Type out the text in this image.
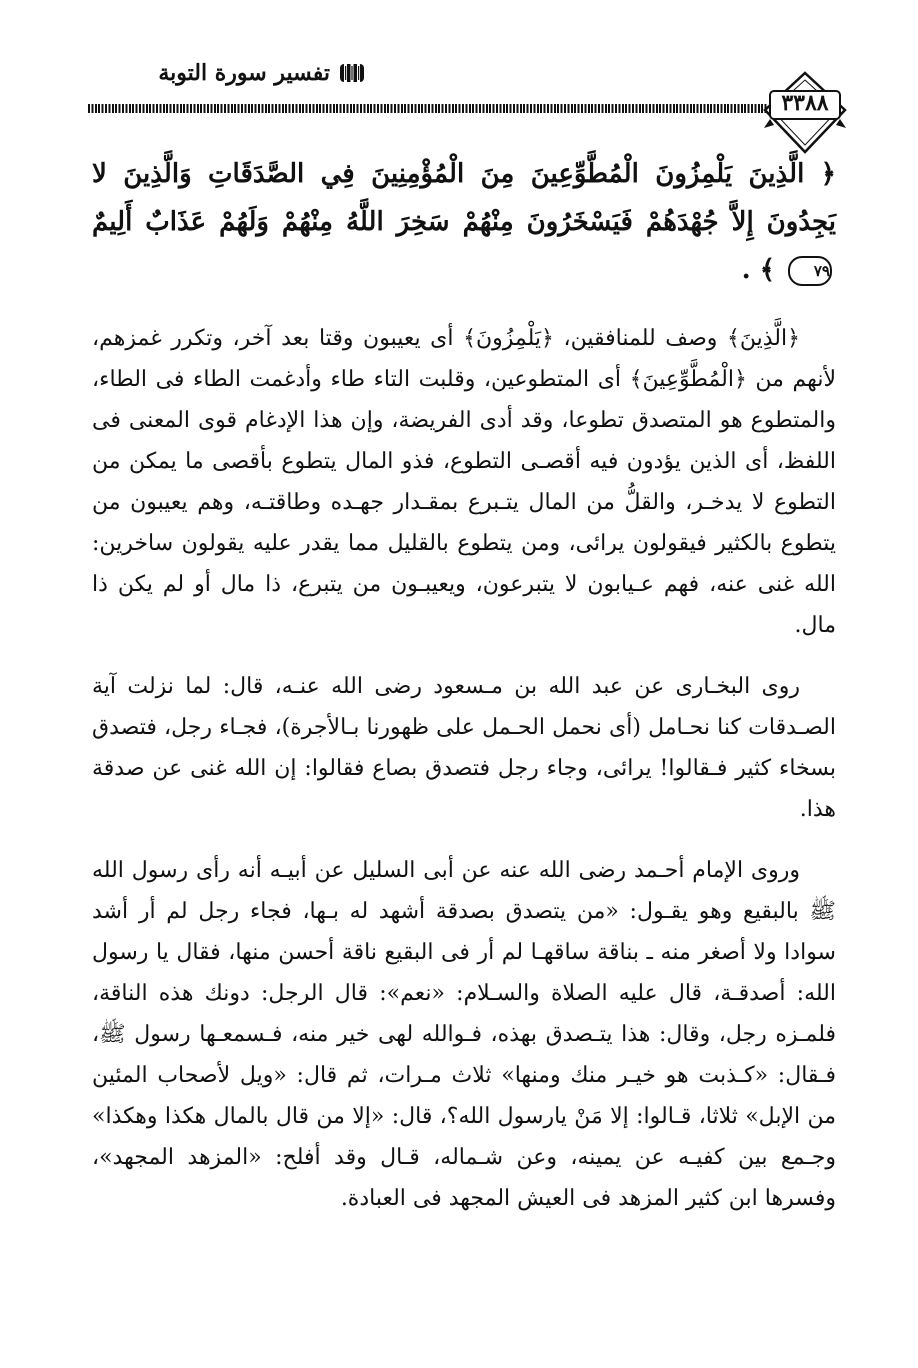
تفسير سورة التوبة
٣٣٨٨

﴿ الَّذِينَ يَلْمِزُونَ الْمُطَّوِّعِينَ مِنَ الْمُؤْمِنِينَ فِي الصَّدَقَاتِ وَالَّذِينَ لا يَجِدُونَ إِلاَّ جُهْدَهُمْ فَيَسْخَرُونَ مِنْهُمْ سَخِرَ اللَّهُ مِنْهُمْ وَلَهُمْ عَذَابٌ أَلِيمٌ ٧٩ ﴾ .

﴿الَّذِينَ﴾ وصف للمنافقين، ﴿يَلْمِزُونَ﴾ أى يعيبون وقتا بعد آخر، وتكرر غمزهم، لأنهم من ﴿الْمُطَّوِّعِينَ﴾ أى المتطوعين، وقلبت التاء طاء وأدغمت الطاء فى الطاء، والمتطوع هو المتصدق تطوعا، وقد أدى الفريضة، وإن هذا الإدغام قوى المعنى فى اللفظ، أى الذين يؤدون فيه أقصـى التطوع، فذو المال يتطوع بأقصى ما يمكن من التطوع لا يدخـر، والقلُّ من المال يتـبرع بمقـدار جهـده وطاقتـه، وهم يعيبون من يتطوع بالكثير فيقولون يرائى، ومن يتطوع بالقليل مما يقدر عليه يقولون ساخرين: الله غنى عنه، فهم عـيابون لا يتبرعون، ويعيبـون من يتبرع، ذا مال أو لم يكن ذا مال.

روى البخـارى عن عبد الله بن مـسعود رضى الله عنـه، قال: لما نزلت آية الصـدقات كنا نحـامل (أى نحمل الحـمل على ظهورنا بـالأجرة)، فجـاء رجل، فتصدق بسخاء كثير فـقالوا! يرائى، وجاء رجل فتصدق بصاع فقالوا: إن الله غنى عن صدقة هذا.

وروى الإمام أحـمد رضى الله عنه عن أبى السليل عن أبيـه أنه رأى رسول الله ﷺ بالبقيع وهو يقـول: «من يتصدق بصدقة أشهد له بـها، فجاء رجل لم أر أشد سوادا ولا أصغر منه ـ بناقة ساقهـا لم أر فى البقيع ناقة أحسن منها، فقال يا رسول الله: أصدقـة، قال عليه الصلاة والسـلام: «نعم»: قال الرجل: دونك هذه الناقة، فلمـزه رجل، وقال: هذا يتـصدق بهذه، فـوالله لهى خير منه، فـسمعـها رسول ﷺ، فـقال: «كـذبت هو خيـر منك ومنها» ثلاث مـرات، ثم قال: «ويل لأصحاب المئين من الإبل» ثلاثا، قـالوا: إلا مَنْ يارسول الله؟، قال: «إلا من قال بالمال هكذا وهكذا» وجـمع بين كفيـه عن يمينه، وعن شـماله، قـال وقد أفلح: «المزهد المجهد»، وفسرها ابن كثير المزهد فى العيش المجهد فى العبادة.
